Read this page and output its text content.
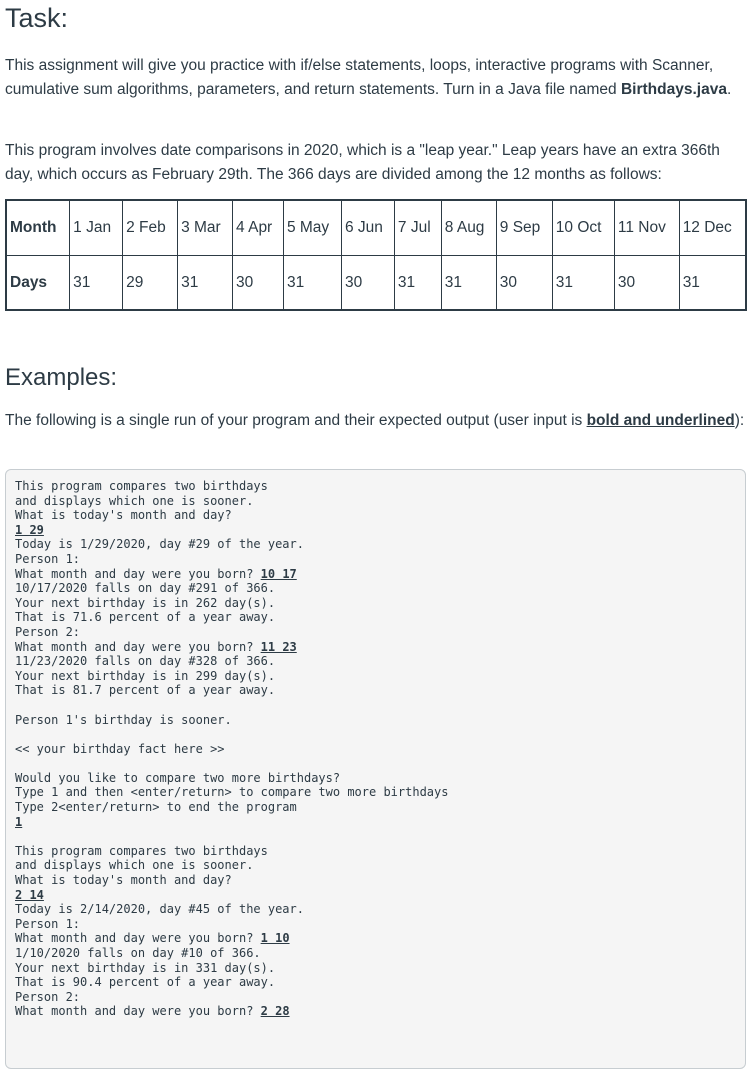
Task:

This assignment will give you practice with if/else statements, loops, interactive programs with Scanner, cumulative sum algorithms, parameters, and return statements. Turn in a Java file named Birthdays.java.

This program involves date comparisons in 2020, which is a "leap year." Leap years have an extra 366th day, which occurs as February 29th. The 366 days are divided among the 12 months as follows:

Month	1 Jan	2 Feb	3 Mar	4 Apr	5 May	6 Jun	7 Jul	8 Aug	9 Sep	10 Oct	11 Nov	12 Dec
Days	31	29	31	30	31	30	31	31	30	31	30	31
Examples:

The following is a single run of your program and their expected output (user input is bold and underlined):

This program compares two birthdays
and displays which one is sooner.
What is today's month and day?
1 29
Today is 1/29/2020, day #29 of the year.
Person 1:
What month and day were you born? 10 17
10/17/2020 falls on day #291 of 366.
Your next birthday is in 262 day(s).
That is 71.6 percent of a year away.
Person 2:
What month and day were you born? 11 23
11/23/2020 falls on day #328 of 366.
Your next birthday is in 299 day(s).
That is 81.7 percent of a year away.
Person 1's birthday is sooner.
<< your birthday fact here >>
Would you like to compare two more birthdays?
Type 1 and then <enter/return> to compare two more birthdays
Type 2<enter/return> to end the program
1
This program compares two birthdays
and displays which one is sooner.
What is today's month and day?
2 14
Today is 2/14/2020, day #45 of the year.
Person 1:
What month and day were you born? 1 10
1/10/2020 falls on day #10 of 366.
Your next birthday is in 331 day(s).
That is 90.4 percent of a year away.
Person 2:
What month and day were you born? 2 28
